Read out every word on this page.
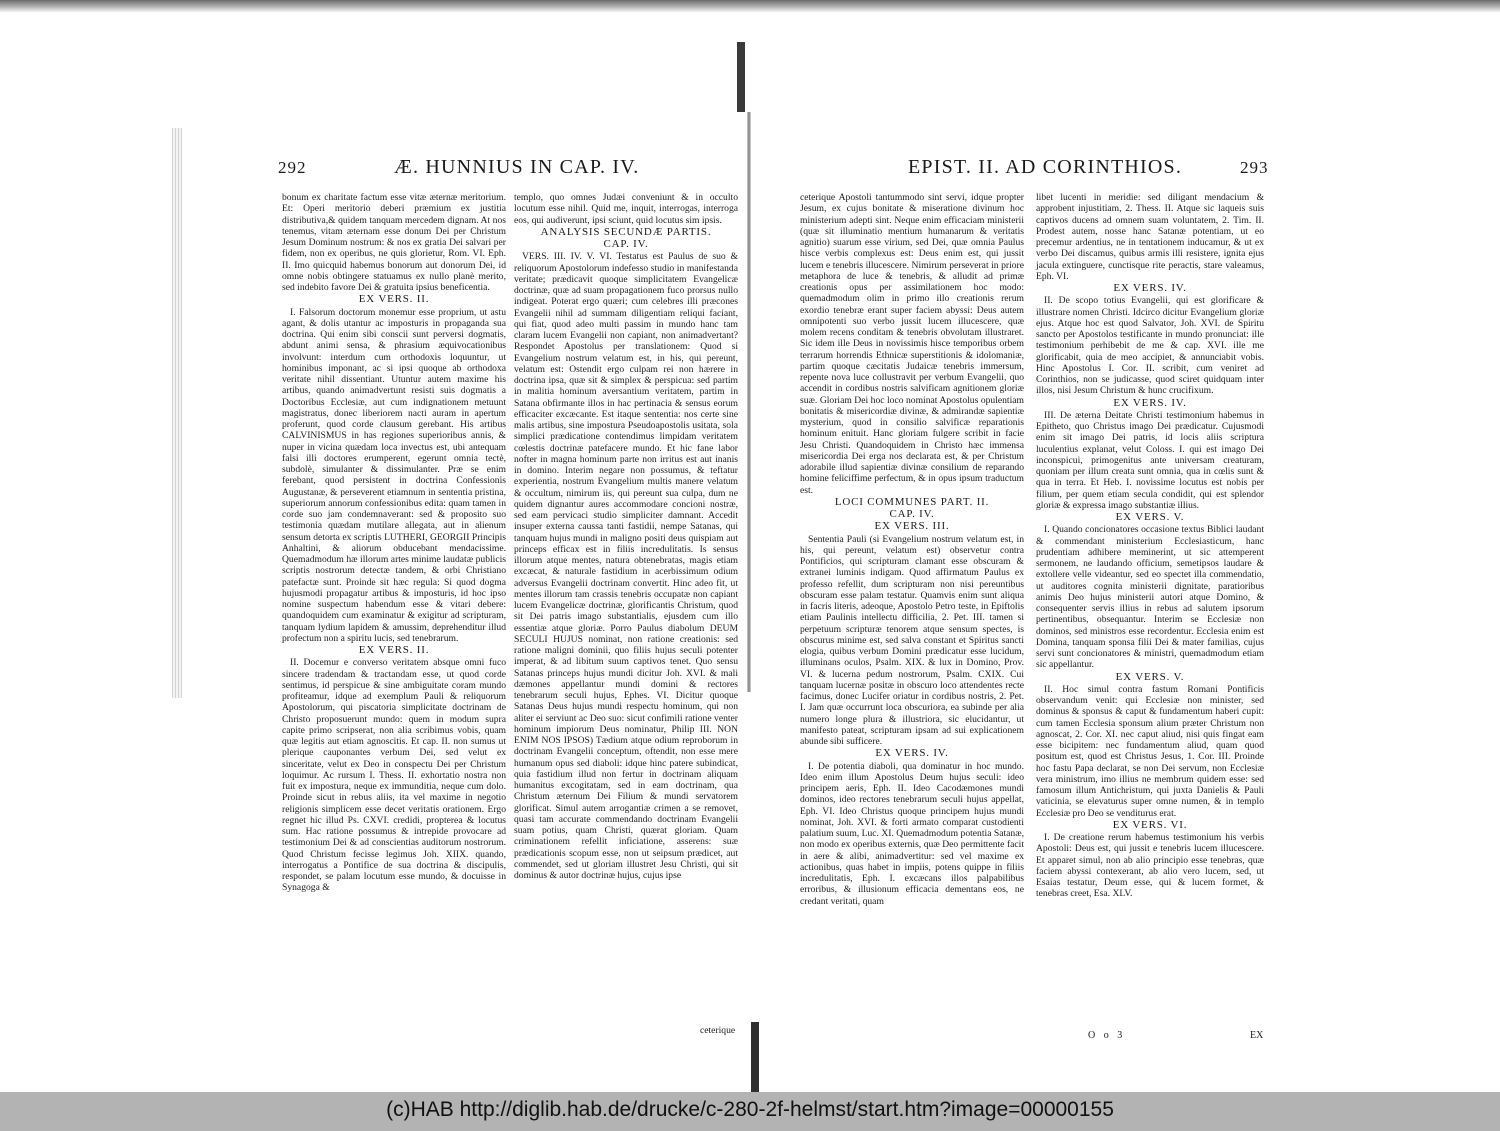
292	Æ. HUNNIUS IN CAP. IV.

bonum ex charitate factum esse vitæ æternæ meritorium. Et: Operi meritorio deberi præmium ex justitia distributiva,& quidem tanquam mercedem dignam. At nos tenemus, vitam æternam esse donum Dei per Christum Jesum Dominum nostrum: & nos ex gratia Dei salvari per fidem, non ex operibus, ne quis glorietur, Rom. VI. Eph. II. Imo quicquid habemus bonorum aut donorum Dei, id omne nobis obtingere statuamus ex nullo planè merito, sed indebito favore Dei & gratuita ipsius beneficentia.

EX VERS. II.

I. Falsorum doctorum monemur esse proprium, ut astu agant, & dolis utantur ac imposturis in propaganda sua doctrina. Qui enim sibi conscii sunt perversi dogmatis, abdunt animi sensa, & phrasium æquivocationibus involvunt: interdum cum orthodoxis loquuntur, ut hominibus imponant, ac si ipsi quoque ab orthodoxa veritate nihil dissentiant. Utuntur autem maxime his artibus, quando animadvertunt resisti suis dogmatis a Doctoribus Ecclesiæ, aut cum indignationem metuunt magistratus, donec liberiorem nacti auram in apertum proferunt, quod corde clausum gerebant. His artibus CALVINISMUS in has regiones superioribus annis, & nuper in vicina quædam loca invectus est, ubi antequam falsi illi doctores erumperent, egerunt omnia tectè, subdolè, simulanter & dissimulanter. Præ se enim ferebant, quod persistent in doctrina Confessionis Augustanæ, & perseverent etiamnum in sententia pristina, superiorum annorum confessionibus edita: quam tamen in corde suo jam condemnaverant: sed & proposito suo testimonia quædam mutilare allegata, aut in alienum sensum detorta ex scriptis LUTHERI, GEORGII Principis Anhaltini, & aliorum obducebant mendacissime. Quemadmodum hæ illorum artes minime laudatæ publicis scriptis nostrorum detectæ tandem, & orbi Christiano patefactæ sunt. Proinde sit hæc regula: Si quod dogma hujusmodi propagatur artibus & imposturis, id hoc ipso nomine suspectum habendum esse & vitari debere: quandoquidem cum examinatur & exigitur ad scripturam, tanquam lydium lapidem & amussim, deprehenditur illud profectum non a spiritu lucis, sed tenebrarum.

EX VERS. II.

II. Docemur e converso veritatem absque omni fuco sincere tradendam & tractandam esse, ut quod corde sentimus, id perspicue & sine ambiguitate coram mundo profiteamur, idque ad exemplum Pauli & reliquorum Apostolorum, qui piscatoria simplicitate doctrinam de Christo proposuerunt mundo: quem in modum supra capite primo scripserat, non alia scribimus vobis, quam quæ legitis aut etiam agnoscitis. Et cap. II. non sumus ut plerique cauponantes verbum Dei, sed velut ex sinceritate, velut ex Deo in conspectu Dei per Christum loquimur. Ac rursum I. Thess. II. exhortatio nostra non fuit ex impostura, neque ex immunditia, neque cum dolo. Proinde sicut in rebus aliis, ita vel maxime in negotio religionis simplicem esse decet veritatis orationem. Ergo regnet hic illud Ps. CXVI. credidi, propterea & locutus sum. Hac ratione possumus & intrepide provocare ad testimonium Dei & ad conscientias auditorum nostrorum. Quod Christum fecisse legimus Joh. XIIX. quando, interrogatus a Pontifice de sua doctrina & discipulis, respondet, se palam locutum esse mundo, & docuisse in Synagoga &

templo, quo omnes Judæi conveniunt & in occulto locutum esse nihil. Quid me, inquit, interrogas, interroga eos, qui audiverunt, ipsi sciunt, quid locutus sim ipsis.

ANALYSIS SECUNDÆ PARTIS.
CAP. IV.

VERS. III. IV. V. VI. Testatus est Paulus de suo & reliquorum Apostolorum indefesso studio in manifestanda veritate; prædicavit quoque simplicitatem Evangelicæ doctrinæ, quæ ad suam propagationem fuco prorsus nullo indigeat. Poterat ergo quæri; cum celebres illi præcones Evangelii nihil ad summam diligentiam reliqui faciant, qui fiat, quod adeo multi passim in mundo hanc tam claram lucem Evangelii non capiant, non animadvertant? Respondet Apostolus per translationem: Quod si Evangelium nostrum velatum est, in his, qui pereunt, velatum est: Ostendit ergo culpam rei non hærere in doctrina ipsa, quæ sit & simplex & perspicua: sed partim in malitia hominum aversantium veritatem, partim in Satana obfirmante illos in hac pertinacia & sensus eorum efficaciter excæcante. Est itaque sententia: nos certe sine malis artibus, sine impostura Pseudoapostolis usitata, sola simplici prædicatione contendimus limpidam veritatem cœlestis doctrinæ patefacere mundo. Et hic fane labor nofter in magna hominum parte non irritus est aut inanis in domino. Interim negare non possumus, & teftatur experientia, nostrum Evangelium multis manere velatum & occultum, nimirum iis, qui pereunt sua culpa, dum ne quidem dignantur aures accommodare concioni nostræ, sed eam pervicaci studio simpliciter damnant. Accedit insuper externa caussa tanti fastidii, nempe Satanas, qui tanquam hujus mundi in maligno positi deus quispiam aut princeps efficax est in filiis incredulitatis. Is sensus illorum atque mentes, natura obtenebratas, magis etiam excæcat, & naturale fastidium in acerbissimum odium adversus Evangelii doctrinam convertit. Hinc adeo fit, ut mentes illorum tam crassis tenebris occupatæ non capiant lucem Evangelicæ doctrinæ, glorificantis Christum, quod sit Dei patris imago substantialis, ejusdem cum illo essentiæ atque gloriæ. Porro Paulus diabolum DEUM SECULI HUJUS nominat, non ratione creationis: sed ratione maligni dominii, quo filiis hujus seculi potenter imperat, & ad libitum suum captivos tenet. Quo sensu Satanas princeps hujus mundi dicitur Joh. XVI. & mali dæmones appellantur mundi domini & rectores tenebrarum seculi hujus, Ephes. VI. Dicitur quoque Satanas Deus hujus mundi respectu hominum, qui non aliter ei serviunt ac Deo suo: sicut confimili ratione venter hominum impiorum Deus nominatur, Philip III. NON ENIM NOS IPSOS) Tædium atque odium reproborum in doctrinam Evangelii conceptum, oftendit, non esse mere humanum opus sed diaboli: idque hinc patere subindicat, quia fastidium illud non fertur in doctrinam aliquam humanitus excogitatam, sed in eam doctrinam, qua Christum æternum Dei Filium & mundi servatorem glorificat. Simul autem arrogantiæ crimen a se removet, quasi tam accurate commendando doctrinam Evangelii suam potius, quam Christi, quærat gloriam. Quam criminationem refellit inficiatione, asserens: suæ prædicationis scopum esse, non ut seipsum prædicet, aut commendet, sed ut gloriam illustret Jesu Christi, qui sit dominus & autor doctrinæ hujus, cujus ipse

ceterique
EPIST. II. AD CORINTHIOS.	293

ceterique Apostoli tantummodo sint servi, idque propter Jesum, ex cujus bonitate & miseratione divinum hoc ministerium adepti sint. Neque enim efficaciam ministerii (quæ sit illuminatio mentium humanarum & veritatis agnitio) suarum esse virium, sed Dei, quæ omnia Paulus hisce verbis complexus est: Deus enim est, qui jussit lucem e tenebris illucescere. Nimirum perseverat in priore metaphora de luce & tenebris, & alludit ad primæ creationis opus per assimilationem hoc modo: quemadmodum olim in primo illo creationis rerum exordio tenebræ erant super faciem abyssi: Deus autem omnipotenti suo verbo jussit lucem illucescere, quæ molem recens conditam & tenebris obvolutam illustraret. Sic idem ille Deus in novissimis hisce temporibus orbem terrarum horrendis Ethnicæ superstitionis & idolomaniæ, partim quoque cæcitatis Judaicæ tenebris immersum, repente nova luce collustravit per verbum Evangelii, quo accendit in cordibus nostris salvificam agnitionem gloriæ suæ. Gloriam Dei hoc loco nominat Apostolus opulentiam bonitatis & misericordiæ divinæ, & admirandæ sapientiæ mysterium, quod in consilio salvificæ reparationis hominum enituit. Hanc gloriam fulgere scribit in facie Jesu Christi. Quandoquidem in Christo hæc immensa misericordia Dei erga nos declarata est, & per Christum adorabile illud sapientiæ divinæ consilium de reparando homine feliciffime perfectum, & in opus ipsum traductum est.

LOCI COMMUNES PART. II.
CAP. IV.
EX VERS. III.

Sententia Pauli (si Evangelium nostrum velatum est, in his, qui pereunt, velatum est) observetur contra Pontificios, qui scripturam clamant esse obscuram & extranei luminis indigam. Quod affirmatum Paulus ex professo refellit, dum scripturam non nisi pereuntibus obscuram esse palam testatur. Quamvis enim sunt aliqua in facris literis, adeoque, Apostolo Petro teste, in Epiftolis etiam Paulinis intellectu difficilia, 2. Pet. III. tamen si perpetuum scripturæ tenorem atque sensum spectes, is obscurus minime est, sed salva constant et Spiritus sancti elogia, quibus verbum Domini prædicatur esse lucidum, illuminans oculos, Psalm. XIX. & lux in Domino, Prov. VI. & lucerna pedum nostrorum, Psalm. CXIX. Cui tanquam lucernæ positæ in obscuro loco attendentes recte facimus, donec Lucifer oriatur in cordibus nostris, 2. Pet. I. Jam quæ occurrunt loca obscuriora, ea subinde per alia numero longe plura & illustriora, sic elucidantur, ut manifesto pateat, scripturam ipsam ad sui explicationem abunde sibi sufficere.

EX VERS. IV.

I. De potentia diaboli, qua dominatur in hoc mundo. Ideo enim illum Apostolus Deum hujus seculi: ideo principem aeris, Eph. II. Ideo Cacodæmones mundi dominos, ideo rectores tenebrarum seculi hujus appellat, Eph. VI. Ideo Christus quoque principem hujus mundi nominat, Joh. XVI. & forti armato comparat custodienti palatium suum, Luc. XI. Quemadmodum potentia Satanæ, non modo ex operibus externis, quæ Deo permittente facit in aere & alibi, animadvertitur: sed vel maxime ex actionibus, quas habet in impiis, potens quippe in filiis incredulitatis, Eph. I. excæcans illos palpabilibus erroribus, & illusionum efficacia dementans eos, ne credant veritati, quam

libet lucenti in meridie: sed diligant mendacium & approbent injustitiam, 2. Thess. II. Atque sic laqueis suis captivos ducens ad omnem suam voluntatem, 2. Tim. II. Prodest autem, nosse hanc Satanæ potentiam, ut eo precemur ardentius, ne in tentationem inducamur, & ut ex verbo Dei discamus, quibus armis illi resistere, ignita ejus jacula extinguere, cunctisque rite peractis, stare valeamus, Eph. VI.

EX VERS. IV.

II. De scopo totius Evangelii, qui est glorificare & illustrare nomen Christi. Idcirco dicitur Evangelium gloriæ ejus. Atque hoc est quod Salvator, Joh. XVI. de Spiritu sancto per Apostolos testificante in mundo pronunciat: ille testimonium perhibebit de me & cap. XVI. ille me glorificabit, quia de meo accipiet, & annunciabit vobis. Hinc Apostolus I. Cor. II. scribit, cum veniret ad Corinthios, non se judicasse, quod sciret quidquam inter illos, nisi Jesum Christum & hunc crucifixum.

EX VERS. IV.

III. De æterna Deitate Christi testimonium habemus in Epitheto, quo Christus imago Dei prædicatur. Cujusmodi enim sit imago Dei patris, id locis aliis scriptura luculentius explanat, velut Coloss. I. qui est imago Dei inconspicui, primogenitus ante universam creaturam, quoniam per illum creata sunt omnia, qua in cœlis sunt & qua in terra. Et Heb. I. novissime locutus est nobis per filium, per quem etiam secula condidit, qui est splendor gloriæ & expressa imago substantiæ illius.

EX VERS. V.

I. Quando concionatores occasione textus Biblici laudant & commendant ministerium Ecclesiasticum, hanc prudentiam adhibere meminerint, ut sic attemperent sermonem, ne laudando officium, semetipsos laudare & extollere velle videantur, sed eo spectet illa commendatio, ut auditores cognita ministerii dignitate, paratioribus animis Deo hujus ministerii autori atque Domino, & consequenter servis illius in rebus ad salutem ipsorum pertinentibus, obsequantur. Interim se Ecclesiæ non dominos, sed ministros esse recordentur. Ecclesia enim est Domina, tanquam sponsa filii Dei & mater familias, cujus servi sunt concionatores & ministri, quemadmodum etiam sic appellantur.

EX VERS. V.

II. Hoc simul contra fastum Romani Pontificis observandum venit: qui Ecclesiæ non minister, sed dominus & sponsus & caput & fundamentum haberi cupit: cum tamen Ecclesia sponsum alium præter Christum non agnoscat, 2. Cor. XI. nec caput aliud, nisi quis fingat eam esse bicipitem: nec fundamentum aliud, quam quod positum est, quod est Christus Jesus, 1. Cor. III. Proinde hoc fastu Papa declarat, se non Dei servum, non Ecclesiæ vera ministrum, imo illius ne membrum quidem esse: sed famosum illum Antichristum, qui juxta Danielis & Pauli vaticinia, se elevaturus super omne numen, & in templo Ecclesiæ pro Deo se venditurus erat.

EX VERS. VI.

I. De creatione rerum habemus testimonium his verbis Apostoli: Deus est, qui jussit e tenebris lucem illucescere. Et apparet simul, non ab alio principio esse tenebras, quæ faciem abyssi contexerant, ab alio vero lucem, sed, ut Esaias testatur, Deum esse, qui & lucem formet, & tenebras creet, Esa. XLV.

O o 3	EX
(c)HAB http://diglib.hab.de/drucke/c-280-2f-helmst/start.htm?image=00000155
